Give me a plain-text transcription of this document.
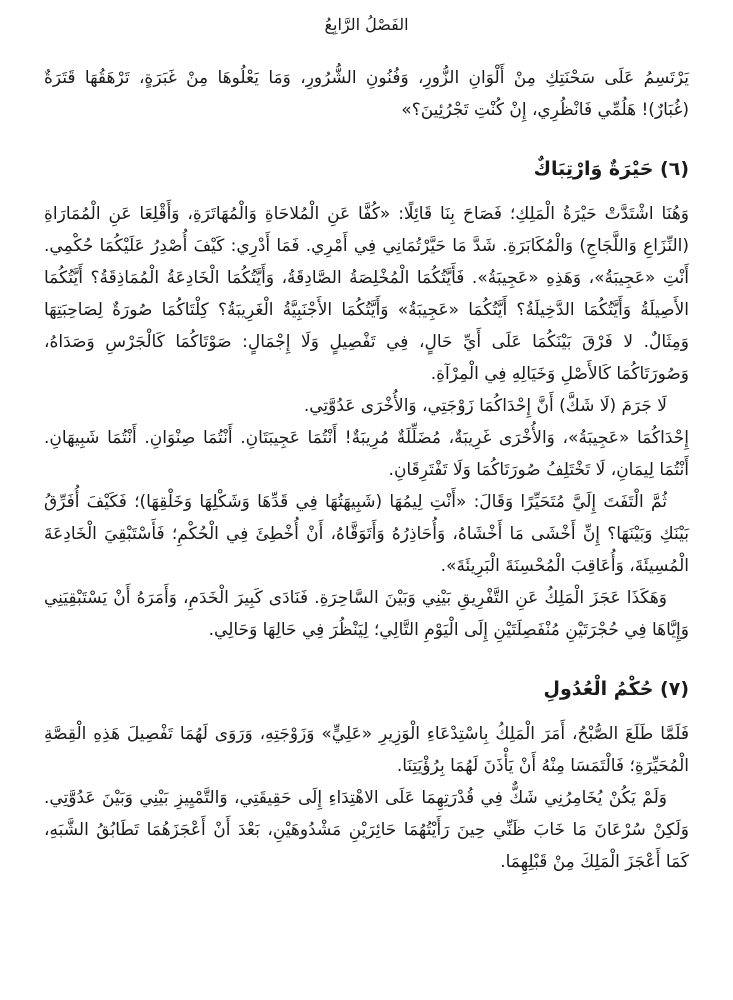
الفَصْلُ الرَّابِعُ

يَرْتَسِمُ عَلَى سَحْنَتِكِ مِنْ أَلْوَانِ الزُّورِ، وَفُنُونِ الشُّرُورِ، وَمَا يَعْلُوهَا مِنْ غَبَرَةٍ، تَرْهَقُهَا قَتَرَةٌ (غُبَارٌ)! هَلُمِّي فَانْظُرِي، إِنْ كُنْتِ تَجْرُئِينَ؟»

(٦) حَيْرَةٌ وَارْتِبَاكٌ

وَهُنَا اشْتَدَّتْ حَيْرَةُ الْمَلِكِ؛ فَصَاحَ بِنَا قَائِلًا: «كُفَّا عَنِ الْمُلاحَاةِ وَالْمُهَاتَرَةِ، وَأَقْلِعَا عَنِ الْمُمَارَاةِ (النِّزَاعِ وَاللَّجَاجِ) وَالْمُكَابَرَةِ. شَدَّ مَا حَيَّرْتُمَانِي فِي أَمْرِي. فَمَا أَدْرِي: كَيْفَ أُصْدِرُ عَلَيْكُمَا حُكْمِي. أَنْتِ «عَجِيبَةُ»، وَهَذِهِ «عَجِيبَةُ». فَأَيَّتُكُمَا الْمُخْلِصَةُ الصَّادِقَةُ، وَأَيَّتُكُمَا الْخَادِعَةُ الْمُمَاذِقَةُ؟ أَيَّتُكُمَا الأَصِيلَةُ وَأَيَّتُكُمَا الدَّخِيلَةُ؟ أَيَّتُكُمَا «عَجِيبَةُ» وَأَيَّتُكُمَا الأَجْنَبِيَّةُ الْغَرِيبَةُ؟ كِلْتَاكُمَا صُورَةٌ لِصَاحِبَتِهَا وَمِثَالٌ. لا فَرْقَ بَيْنَكُمَا عَلَى أَيِّ حَالٍ، فِي تَفْصِيلٍ وَلَا إِجْمَالٍ: صَوْتَاكُمَا كَالْجَرْسِ وَصَدَاهُ، وَصُورَتَاكُمَا كَالأَصْلِ وَخَيَالِهِ فِي الْمِرْآةِ.

لَا جَرَمَ (لَا شَكَّ) أَنَّ إِحْدَاكُمَا زَوْجَتِي، وَالأُخْرَى عَدُوَّتِي.

إِحْدَاكُمَا «عَجِيبَةُ»، وَالأُخْرَى غَرِيبَةٌ، مُضَلِّلَةٌ مُرِيبَةٌ! أَنْتُمَا عَجِيبَتَانِ. أَنْتُمَا صِنْوَانِ. أَنْتُمَا شَبِيهَانِ. أَنْتُمَا لِيمَانِ، لَا تَخْتَلِفُ صُورَتَاكُمَا وَلَا تَفْتَرِقَانِ.

ثُمَّ الْتَفَتَ إِلَيَّ مُتَحَيِّرًا وَقَالَ: «أَنْتِ لِيمُهَا (شَبِيهَتُهَا فِي قَدِّهَا وَشَكْلِهَا وَخَلْقِهَا)؛ فَكَيْفَ أُفَرِّقُ بَيْنَكِ وَبَيْنَهَا؟ إِنِّ أَخْشَى مَا أَخْشَاهُ، وَأُحَاذِرُهُ وَأَتَوَقَّاهُ، أَنْ أُخْطِئَ فِي الْحُكْمِ؛ فَأَسْتَبْقِيَ الْخَادِعَةَ الْمُسِيئَةَ، وَأُعَاقِبَ الْمُحْسِنَةَ الْبَرِيئَةَ».

وَهَكَذَا عَجَزَ الْمَلِكُ عَنِ التَّفْرِيقِ بَيْنِي وَبَيْنَ السَّاحِرَةِ. فَنَادَى كَبِيرَ الْخَدَمِ، وَأَمَرَهُ أَنْ يَسْتَبْقِيَنِي وَإِيَّاهَا فِي حُجْرَتَيْنِ مُنْفَصِلَتَيْنِ إِلَى الْيَوْمِ التَّالِي؛ لِيَنْظُرَ فِي حَالِهَا وَحَالِي.

(٧) حُكْمُ الْعُدُولِ

فَلَمَّا طَلَعَ الصُّبْحُ، أَمَرَ الْمَلِكُ بِاسْتِدْعَاءِ الْوَزِيرِ «عَلِيٍّ» وَزَوْجَتِهِ، وَرَوَى لَهُمَا تَفْصِيلَ هَذِهِ الْقِصَّةِ الْمُحَيِّرَةِ؛ فَالْتَمَسَا مِنْهُ أَنْ يَأْذَنَ لَهُمَا بِرُؤْيَتِنَا.

وَلَمْ يَكُنْ يُخَامِرُنِي شَكٌّ فِي قُدْرَتِهِمَا عَلَى الاهْتِدَاءِ إِلَى حَقِيقَتِي، وَالتَّمْيِيزِ بَيْنِي وَبَيْنَ عَدُوَّتِي. وَلَكِنْ سُرْعَانَ مَا خَابَ ظَنِّي حِينَ رَأَيْتُهُمَا حَائِرَيْنِ مَشْدُوهَيْنِ، بَعْدَ أَنْ أَعْجَزَهُمَا تَطَابُقُ الشَّبَهِ، كَمَا أَعْجَزَ الْمَلِكَ مِنْ قَبْلِهِمَا.
